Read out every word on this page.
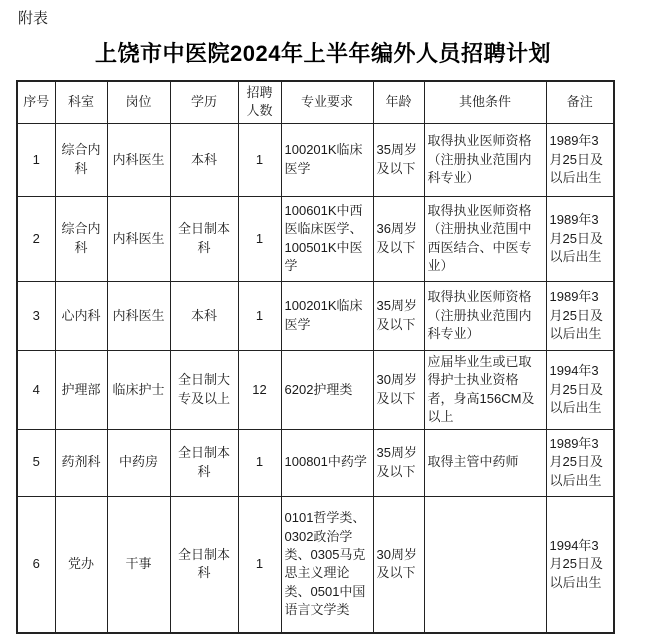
附表
上饶市中医院2024年上半年编外人员招聘计划
序号	科室	岗位	学历	招聘人数	专业要求	年龄	其他条件	备注
1	综合内科	内科医生	本科	1	100201K临床医学	35周岁及以下	取得执业医师资格（注册执业范围内科专业）	1989年3月25日及以后出生
2	综合内科	内科医生	全日制本科	1	100601K中西医临床医学、100501K中医学	36周岁及以下	取得执业医师资格（注册执业范围中西医结合、中医专业）	1989年3月25日及以后出生
3	心内科	内科医生	本科	1	100201K临床医学	35周岁及以下	取得执业医师资格（注册执业范围内科专业）	1989年3月25日及以后出生
4	护理部	临床护士	全日制大专及以上	12	6202护理类	30周岁及以下	应届毕业生或已取得护士执业资格者，身高156CM及以上	1994年3月25日及以后出生
5	药剂科	中药房	全日制本科	1	100801中药学	35周岁及以下	取得主管中药师	1989年3月25日及以后出生
6	党办	干事	全日制本科	1	0101哲学类、0302政治学类、0305马克思主义理论类、0501中国语言文学类	30周岁及以下		1994年3月25日及以后出生
